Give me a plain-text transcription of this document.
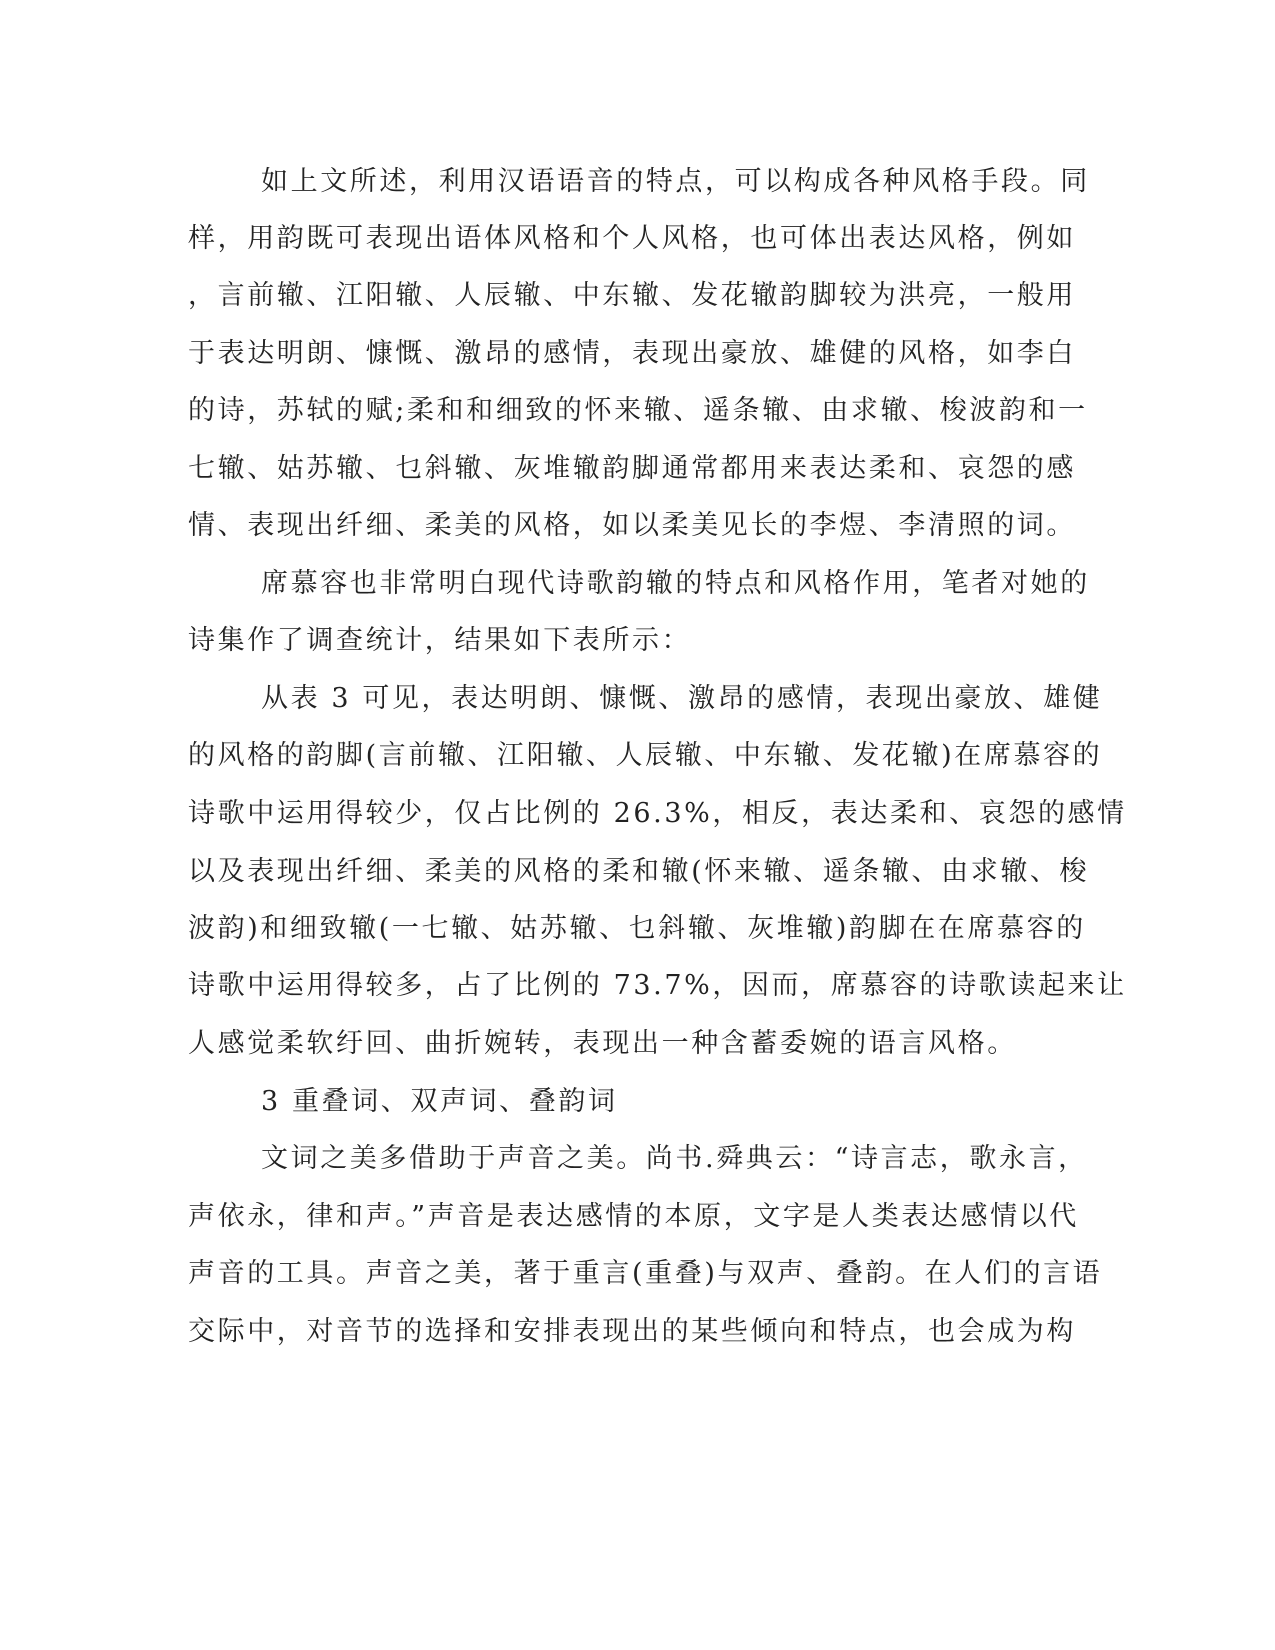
如上文所述，利用汉语语音的特点，可以构成各种风格手段。同
样，用韵既可表现出语体风格和个人风格，也可体出表达风格，例如
，言前辙、江阳辙、人辰辙、中东辙、发花辙韵脚较为洪亮，一般用
于表达明朗、慷慨、激昂的感情，表现出豪放、雄健的风格，如李白
的诗，苏轼的赋;柔和和细致的怀来辙、遥条辙、由求辙、梭波韵和一
七辙、姑苏辙、乜斜辙、灰堆辙韵脚通常都用来表达柔和、哀怨的感
情、表现出纤细、柔美的风格，如以柔美见长的李煜、李清照的词。
席慕容也非常明白现代诗歌韵辙的特点和风格作用，笔者对她的
诗集作了调查统计，结果如下表所示：
从表 3 可见，表达明朗、慷慨、激昂的感情，表现出豪放、雄健
的风格的韵脚(言前辙、江阳辙、人辰辙、中东辙、发花辙)在席慕容的
诗歌中运用得较少，仅占比例的 26.3%，相反，表达柔和、哀怨的感情
以及表现出纤细、柔美的风格的柔和辙(怀来辙、遥条辙、由求辙、梭
波韵)和细致辙(一七辙、姑苏辙、乜斜辙、灰堆辙)韵脚在在席慕容的
诗歌中运用得较多，占了比例的 73.7%，因而，席慕容的诗歌读起来让
人感觉柔软纡回、曲折婉转，表现出一种含蓄委婉的语言风格。
3 重叠词、双声词、叠韵词
文词之美多借助于声音之美。尚书.舜典云：“诗言志，歌永言，
声依永，律和声。”声音是表达感情的本原，文字是人类表达感情以代
声音的工具。声音之美，著于重言(重叠)与双声、叠韵。在人们的言语
交际中，对音节的选择和安排表现出的某些倾向和特点，也会成为构
